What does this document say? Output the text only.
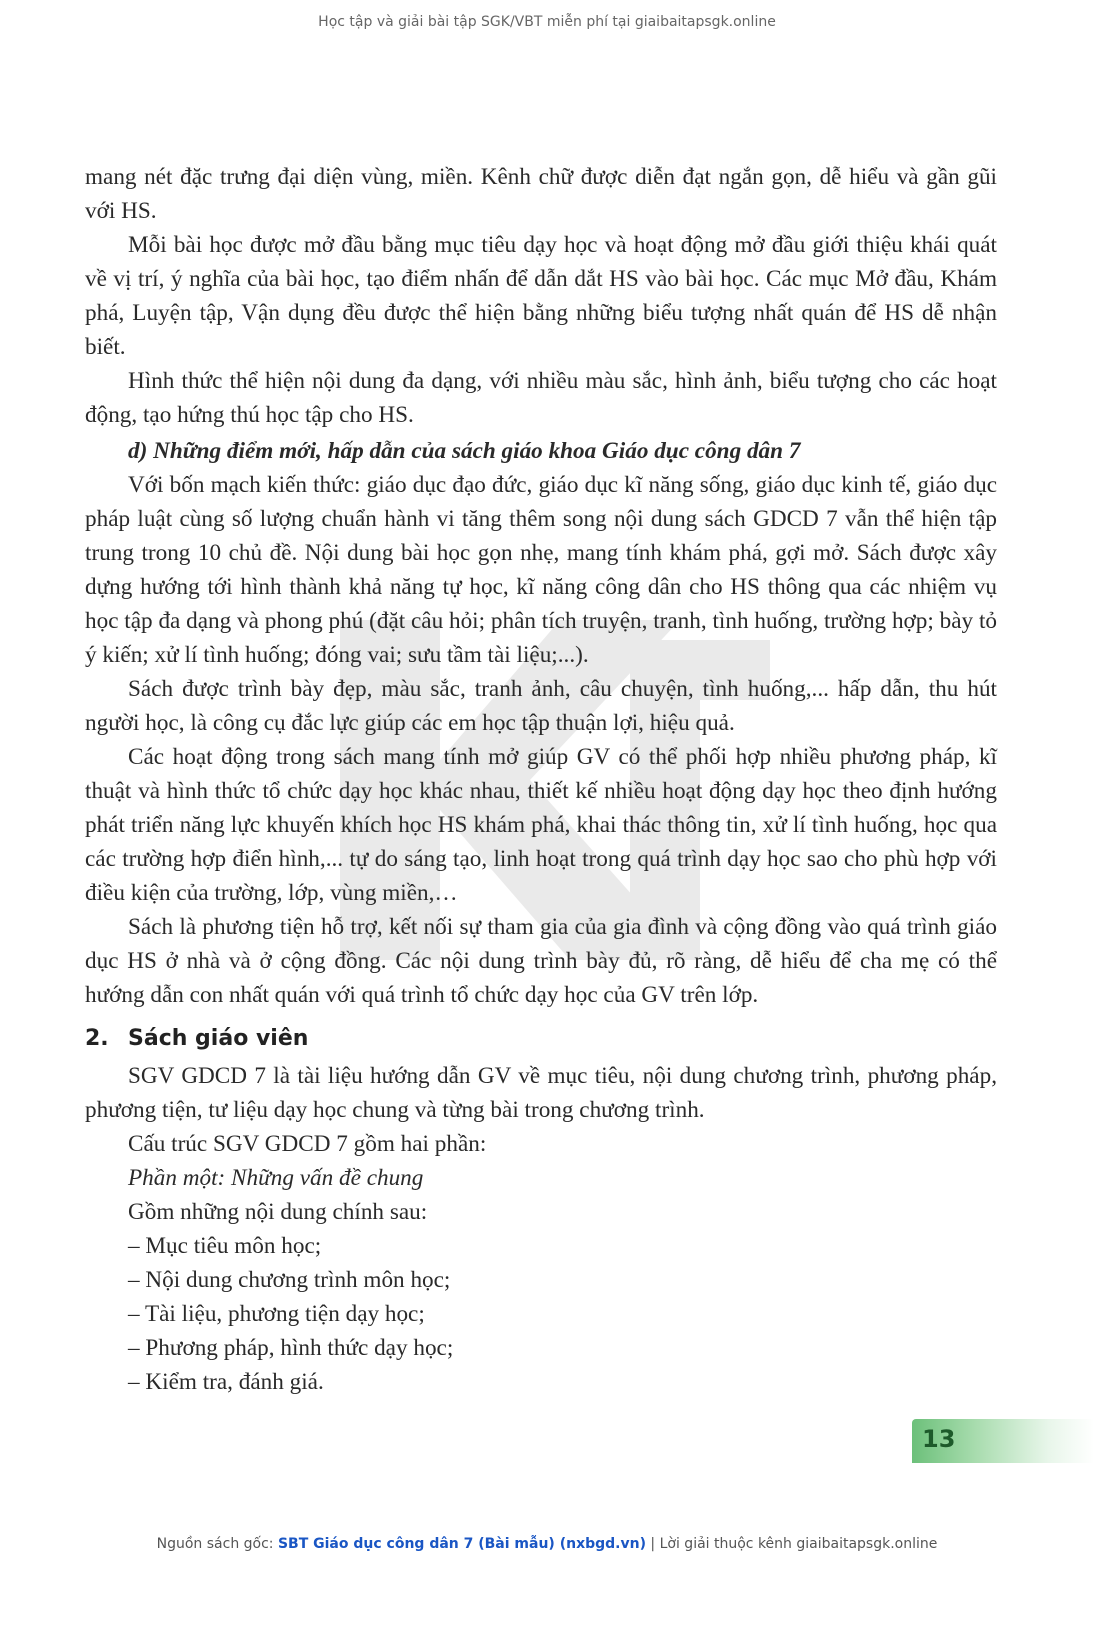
Học tập và giải bài tập SGK/VBT miễn phí tại giaibaitapsgk.online

mang nét đặc trưng đại diện vùng, miền. Kênh chữ được diễn đạt ngắn gọn, dễ hiểu và gần gũi với HS.

Mỗi bài học được mở đầu bằng mục tiêu dạy học và hoạt động mở đầu giới thiệu khái quát về vị trí, ý nghĩa của bài học, tạo điểm nhấn để dẫn dắt HS vào bài học. Các mục Mở đầu, Khám phá, Luyện tập, Vận dụng đều được thể hiện bằng những biểu tượng nhất quán để HS dễ nhận biết.

Hình thức thể hiện nội dung đa dạng, với nhiều màu sắc, hình ảnh, biểu tượng cho các hoạt động, tạo hứng thú học tập cho HS.

d) Những điểm mới, hấp dẫn của sách giáo khoa Giáo dục công dân 7

Với bốn mạch kiến thức: giáo dục đạo đức, giáo dục kĩ năng sống, giáo dục kinh tế, giáo dục pháp luật cùng số lượng chuẩn hành vi tăng thêm song nội dung sách GDCD 7 vẫn thể hiện tập trung trong 10 chủ đề. Nội dung bài học gọn nhẹ, mang tính khám phá, gợi mở. Sách được xây dựng hướng tới hình thành khả năng tự học, kĩ năng công dân cho HS thông qua các nhiệm vụ học tập đa dạng và phong phú (đặt câu hỏi; phân tích truyện, tranh, tình huống, trường hợp; bày tỏ ý kiến; xử lí tình huống; đóng vai; sưu tầm tài liệu;...).

Sách được trình bày đẹp, màu sắc, tranh ảnh, câu chuyện, tình huống,... hấp dẫn, thu hút người học, là công cụ đắc lực giúp các em học tập thuận lợi, hiệu quả.

Các hoạt động trong sách mang tính mở giúp GV có thể phối hợp nhiều phương pháp, kĩ thuật và hình thức tổ chức dạy học khác nhau, thiết kế nhiều hoạt động dạy học theo định hướng phát triển năng lực khuyến khích học HS khám phá, khai thác thông tin, xử lí tình huống, học qua các trường hợp điển hình,... tự do sáng tạo, linh hoạt trong quá trình dạy học sao cho phù hợp với điều kiện của trường, lớp, vùng miền,…

Sách là phương tiện hỗ trợ, kết nối sự tham gia của gia đình và cộng đồng vào quá trình giáo dục HS ở nhà và ở cộng đồng. Các nội dung trình bày đủ, rõ ràng, dễ hiểu để cha mẹ có thể hướng dẫn con nhất quán với quá trình tổ chức dạy học của GV trên lớp.

2. Sách giáo viên

SGV GDCD 7 là tài liệu hướng dẫn GV về mục tiêu, nội dung chương trình, phương pháp, phương tiện, tư liệu dạy học chung và từng bài trong chương trình.

Cấu trúc SGV GDCD 7 gồm hai phần:

Phần một: Những vấn đề chung

Gồm những nội dung chính sau:

– Mục tiêu môn học;

– Nội dung chương trình môn học;

– Tài liệu, phương tiện dạy học;

– Phương pháp, hình thức dạy học;

– Kiểm tra, đánh giá.

13
Nguồn sách gốc: SBT Giáo dục công dân 7 (Bài mẫu) (nxbgd.vn) | Lời giải thuộc kênh giaibaitapsgk.online
